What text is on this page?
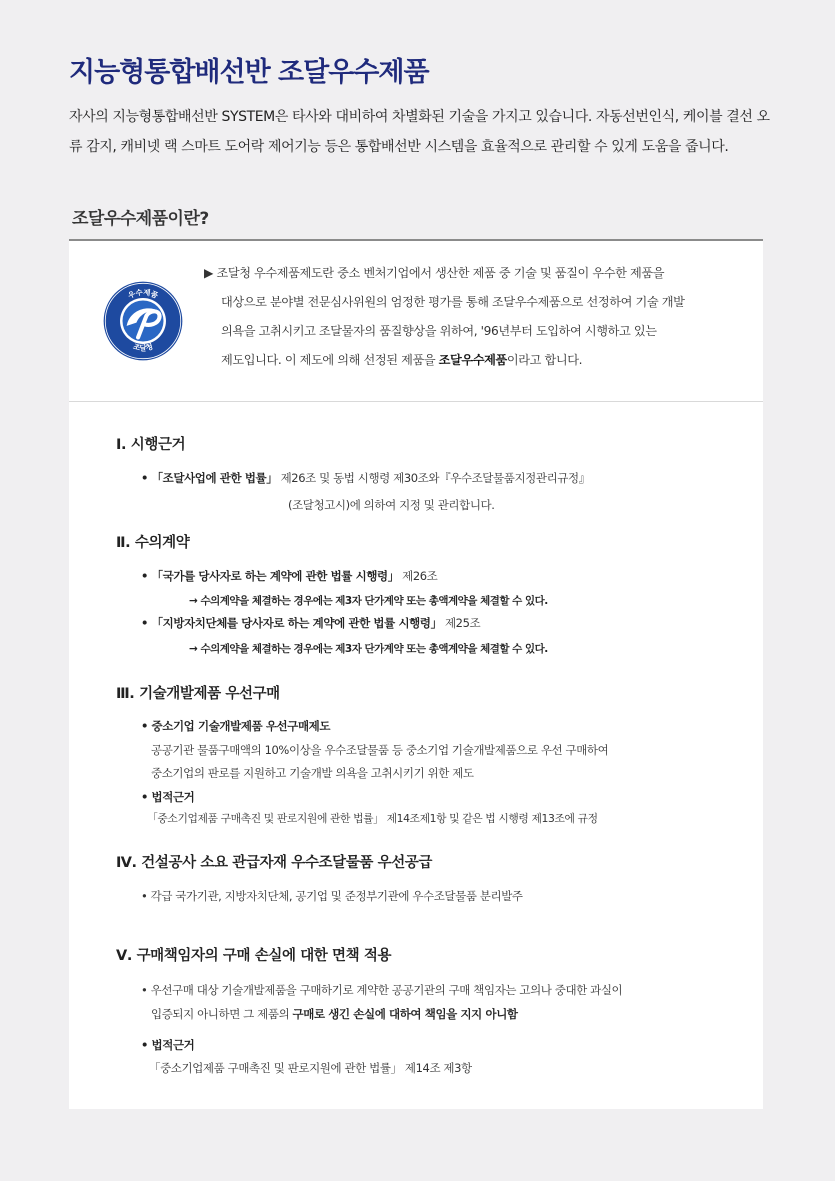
지능형통합배선반 조달우수제품
자사의 지능형통합배선반 SYSTEM은 타사와 대비하여 차별화된 기술을 가지고 있습니다. 자동선번인식, 케이블 결선 오류 감지, 캐비넷 랙 스마트 도어락 제어기능 등은 통합배선반 시스템을 효율적으로 관리할 수 있게 도움을 줍니다.
조달우수제품이란?
우수제품
조달청
▶ 조달청 우수제품제도란 중소 벤처기업에서 생산한 제품 중 기술 및 품질이 우수한 제품을
대상으로 분야별 전문심사위원의 엄정한 평가를 통해 조달우수제품으로 선정하여 기술 개발
의욕을 고취시키고 조달물자의 품질향상을 위하여, '96년부터 도입하여 시행하고 있는
제도입니다. 이 제도에 의해 선정된 제품을 조달우수제품이라고 합니다.
Ⅰ. 시행근거
• 「조달사업에 관한 법률」 제26조 및 동법 시행령 제30조와『우수조달물품지정관리규정』
(조달청고시)에 의하여 지정 및 관리합니다.
Ⅱ. 수의계약
• 「국가를 당사자로 하는 계약에 관한 법률 시행령」 제26조
→ 수의계약을 체결하는 경우에는 제3자 단가계약 또는 총액계약을 체결할 수 있다.
• 「지방자치단체를 당사자로 하는 계약에 관한 법률 시행령」 제25조
→ 수의계약을 체결하는 경우에는 제3자 단가계약 또는 총액계약을 체결할 수 있다.
Ⅲ. 기술개발제품 우선구매
• 중소기업 기술개발제품 우선구매제도
공공기관 물품구매액의 10%이상을 우수조달물품 등 중소기업 기술개발제품으로 우선 구매하여
중소기업의 판로를 지원하고 기술개발 의욕을 고취시키기 위한 제도
• 법적근거
「중소기업제품 구매촉진 및 판로지원에 관한 법률」 제14조제1항 및 같은 법 시행령 제13조에 규정
Ⅳ. 건설공사 소요 관급자재 우수조달물품 우선공급
• 각급 국가기관, 지방자치단체, 공기업 및 준정부기관에 우수조달물품 분리발주
Ⅴ. 구매책임자의 구매 손실에 대한 면책 적용
• 우선구매 대상 기술개발제품을 구매하기로 계약한 공공기관의 구매 책임자는 고의나 중대한 과실이
입증되지 아니하면 그 제품의 구매로 생긴 손실에 대하여 책임을 지지 아니함
• 법적근거
「중소기업제품 구매촉진 및 판로지원에 관한 법률」 제14조 제3항
